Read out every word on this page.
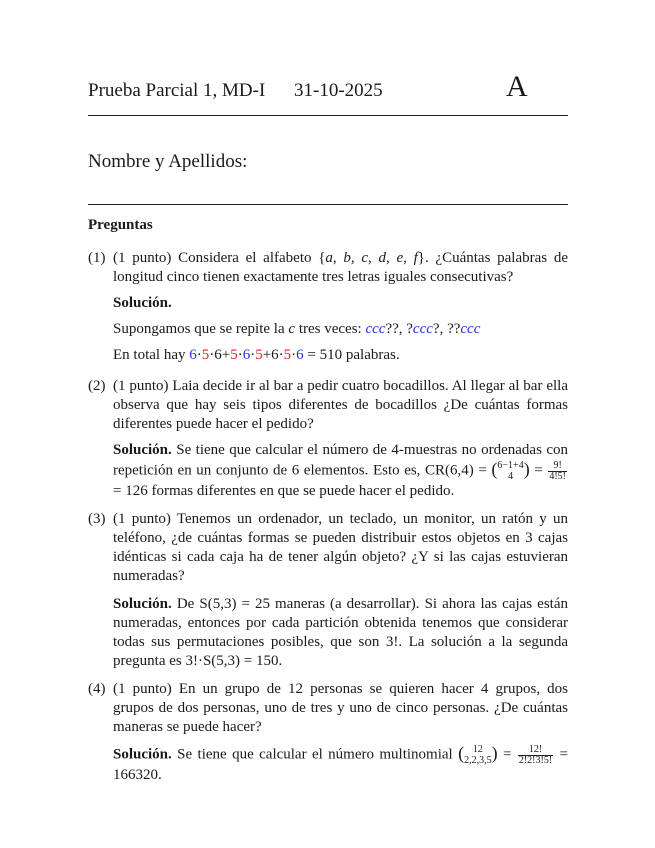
Prueba Parcial 1, MD-I 31-10-2025	A
Nombre y Apellidos:
Preguntas
(1) (1 punto) Considera el alfabeto {a, b, c, d, e, f}. ¿Cuántas palabras de longitud cinco tienen exactamente tres letras iguales consecutivas?

Solución.

Supongamos que se repite la c tres veces: ccc??, ?ccc?, ??ccc

En total hay 6·5·6+5·6·5+6·5·6 = 510 palabras.

(2) (1 punto) Laia decide ir al bar a pedir cuatro bocadillos. Al llegar al bar ella observa que hay seis tipos diferentes de bocadillos ¿De cuántas formas diferentes puede hacer el pedido?

Solución. Se tiene que calcular el número de 4-muestras no ordenadas con repetición en un conjunto de 6 elementos. Esto es, CR(6,4) = ( 6−1+4
4 ) = $\frac{9!}{4!5!}$
= 126 formas diferentes en que se puede hacer el pedido.

(3) (1 punto) Tenemos un ordenador, un teclado, un monitor, un ratón y un teléfono, ¿de cuántas formas se pueden distribuir estos objetos en 3 cajas idénticas si cada caja ha de tener algún objeto? ¿Y si las cajas estuvieran numeradas?

Solución. De S(5,3) = 25 maneras (a desarrollar). Si ahora las cajas están numeradas, entonces por cada partición obtenida tenemos que considerar todas sus permutaciones posibles, que son 3!. La solución a la segunda pregunta es 3!·S(5,3) = 150.

(4) (1 punto) En un grupo de 12 personas se quieren hacer 4 grupos, dos grupos de dos personas, uno de tres y uno de cinco personas. ¿De cuántas maneras se puede hacer?

Solución. Se tiene que calcular el número multinomial ( 12
2,2,3,5 ) = $\frac{12!}{2!2!3!5!} = 166320$.
